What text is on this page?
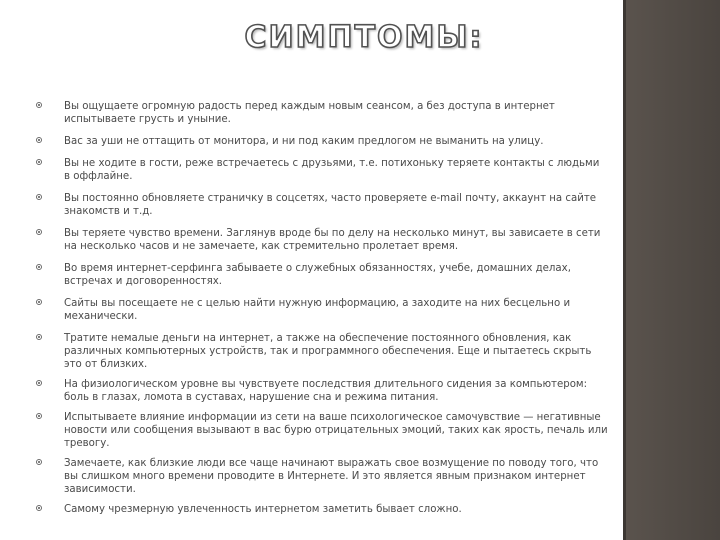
СИМПТОМЫ:
Вы ощущаете огромную радость перед каждым новым сеансом, а без доступа в интернет испытываете грусть и уныние.
Вас за уши не оттащить от монитора, и ни под каким предлогом не выманить на улицу.
Вы не ходите в гости, реже встречаетесь с друзьями, т.е. потихоньку теряете контакты с людьми в оффлайне.
Вы постоянно обновляете страничку в соцсетях, часто проверяете е-mail почту, аккаунт на сайте знакомств и т.д.
Вы теряете чувство времени. Заглянув вроде бы по делу на несколько минут, вы зависаете в сети на несколько часов и не замечаете, как стремительно пролетает время.
Во время интернет-серфинга забываете о служебных обязанностях, учебе, домашних делах, встречах и договоренностях.
Сайты вы посещаете не с целью найти нужную информацию, а заходите на них бесцельно и механически.
Тратите немалые деньги на интернет, а также на обеспечение постоянного обновления, как различных компьютерных устройств, так и программного обеспечения. Еще и пытаетесь скрыть это от близких.
На физиологическом уровне вы чувствуете последствия длительного сидения за компьютером: боль в глазах, ломота в суставах, нарушение сна и режима питания.
Испытываете влияние информации из сети на ваше психологическое самочувствие — негативные новости или сообщения вызывают в вас бурю отрицательных эмоций, таких как ярость, печаль или тревогу.
Замечаете, как близкие люди все чаще начинают выражать свое возмущение по поводу того, что вы слишком много времени проводите в Интернете. И это является явным признаком интернет зависимости.
Самому чрезмерную увлеченность интернетом заметить бывает сложно.
